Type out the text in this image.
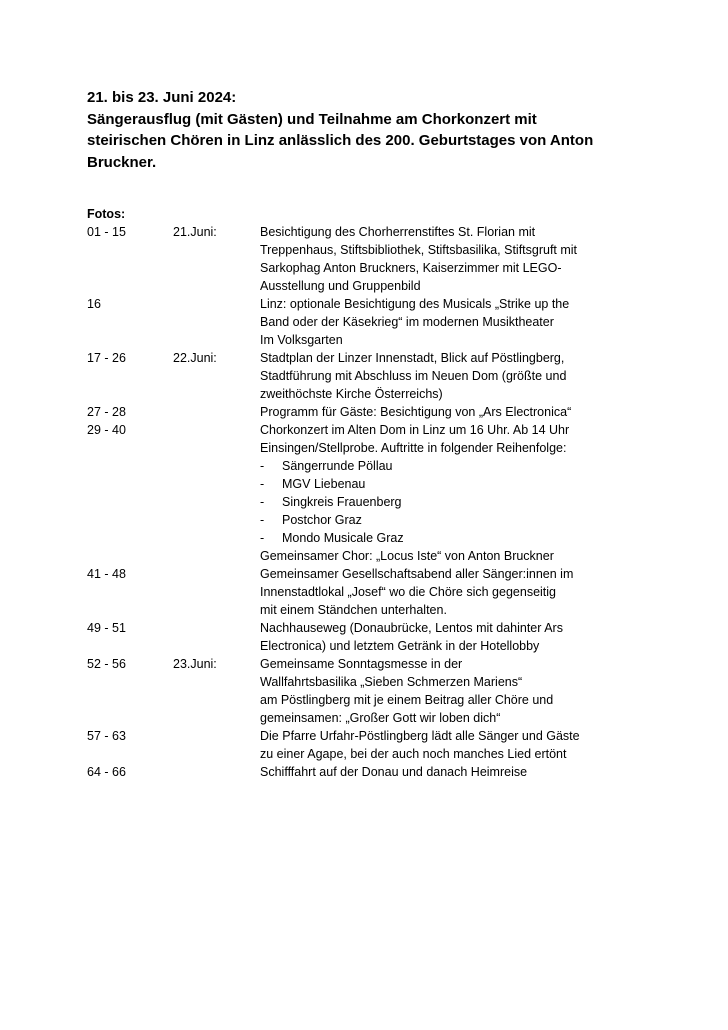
21. bis 23. Juni 2024:
Sängerausflug (mit Gästen) und Teilnahme am Chorkonzert mit
steirischen Chören in Linz anlässlich des 200. Geburtstages von Anton
Bruckner.

Fotos:

01 - 15	21.Juni:	Besichtigung des Chorherrenstiftes St. Florian mit
Treppenhaus, Stiftsbibliothek, Stiftsbasilika, Stiftsgruft mit
Sarkophag Anton Bruckners, Kaiserzimmer mit LEGO-
Ausstellung und Gruppenbild
16	Linz: optionale Besichtigung des Musicals „Strike up the
Band oder der Käsekrieg“ im modernen Musiktheater
Im Volksgarten
17 - 26	22.Juni:	Stadtplan der Linzer Innenstadt, Blick auf Pöstlingberg,
Stadtführung mit Abschluss im Neuen Dom (größte und
zweithöchste Kirche Österreichs)
27 - 28	Programm für Gäste: Besichtigung von „Ars Electronica“
29 - 40	Chorkonzert im Alten Dom in Linz um 16 Uhr. Ab 14 Uhr
Einsingen/Stellprobe. Auftritte in folgender Reihenfolge:
- Sängerrunde Pöllau
- MGV Liebenau
- Singkreis Frauenberg
- Postchor Graz
- Mondo Musicale Graz
Gemeinsamer Chor: „Locus Iste“ von Anton Bruckner
41 - 48	Gemeinsamer Gesellschaftsabend aller Sänger:innen im
Innenstadtlokal „Josef“ wo die Chöre sich gegenseitig
mit einem Ständchen unterhalten.
49 - 51	Nachhauseweg (Donaubrücke, Lentos mit dahinter Ars
Electronica) und letztem Getränk in der Hotellobby
52 - 56	23.Juni:	Gemeinsame Sonntagsmesse in der
Wallfahrtsbasilika „Sieben Schmerzen Mariens“
am Pöstlingberg mit je einem Beitrag aller Chöre und
gemeinsamen: „Großer Gott wir loben dich“
57 - 63	Die Pfarre Urfahr-Pöstlingberg lädt alle Sänger und Gäste
zu einer Agape, bei der auch noch manches Lied ertönt
64 - 66	Schifffahrt auf der Donau und danach Heimreise
